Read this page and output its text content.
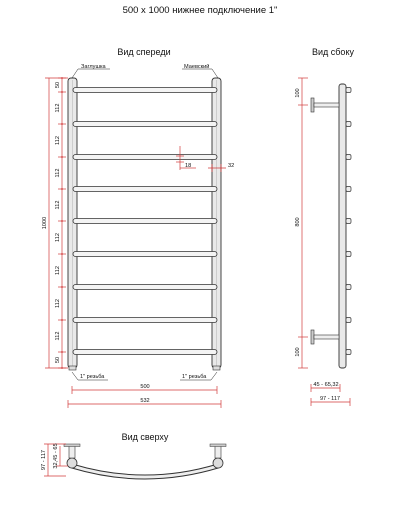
500 x 1000 нижнее подключение 1"
Вид спереди
Заглушка	Маевский
1000
50
112
112
112
112
112
112
112
112
50
18	32
1" резьба	1" резьба
500
532
Вид сбоку
100
800
100
45 - 65,32
97 - 117
Вид сверху
97 - 117 32,45 - 65
